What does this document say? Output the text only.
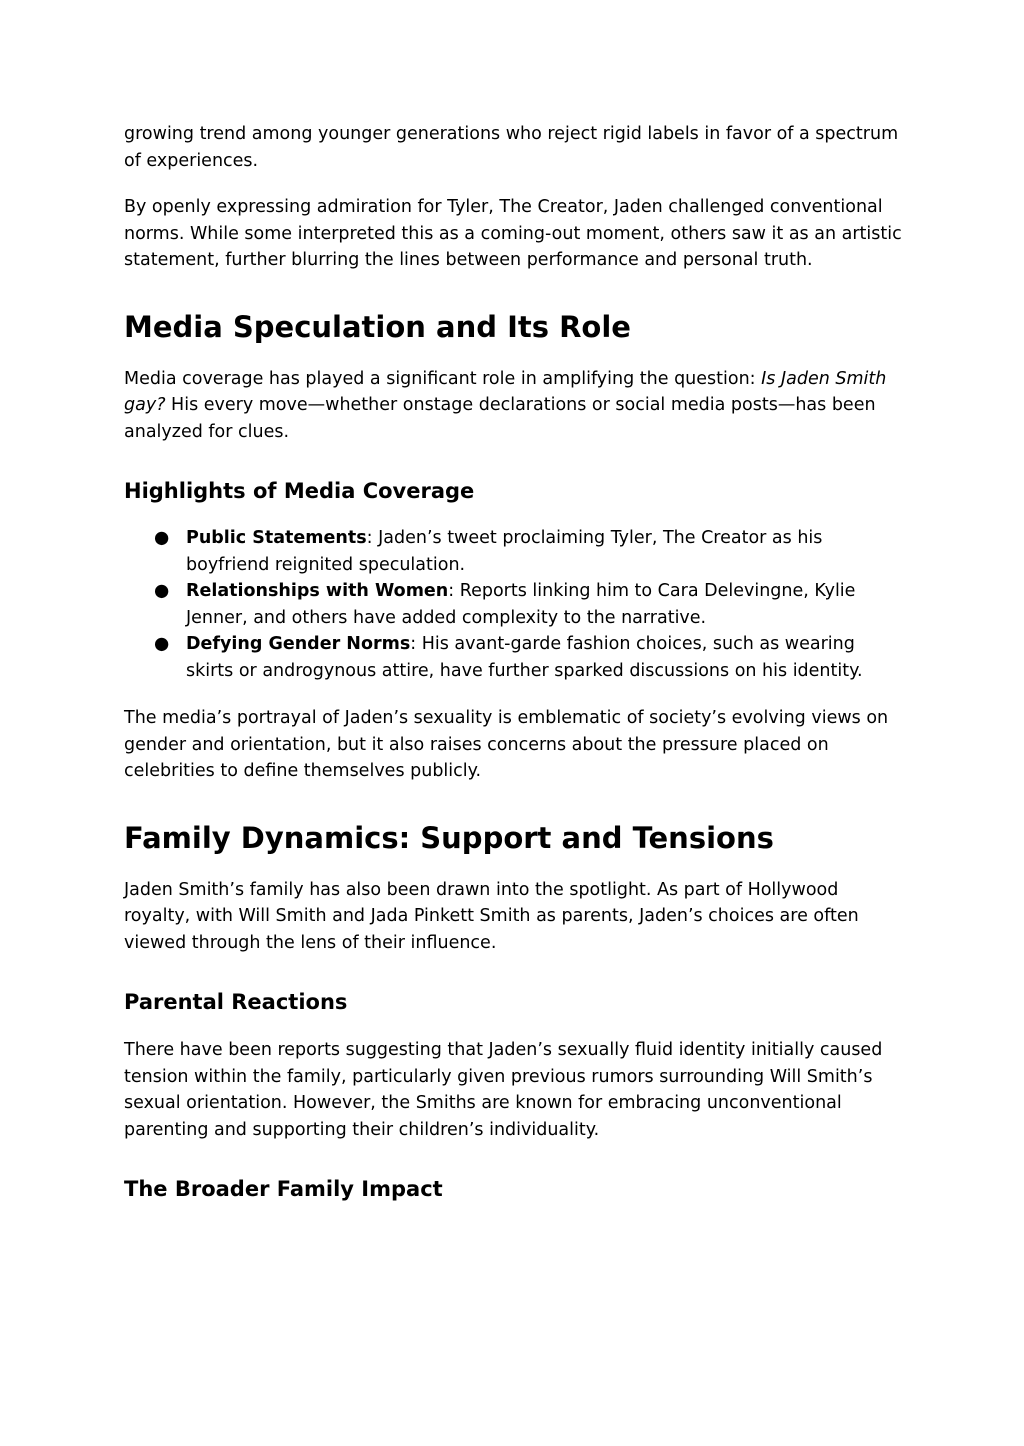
growing trend among younger generations who reject rigid labels in favor of a spectrum of experiences.

By openly expressing admiration for Tyler, The Creator, Jaden challenged conventional norms. While some interpreted this as a coming-out moment, others saw it as an artistic statement, further blurring the lines between performance and personal truth.

Media Speculation and Its Role

Media coverage has played a significant role in amplifying the question: Is Jaden Smith gay? His every move—whether onstage declarations or social media posts—has been analyzed for clues.

Highlights of Media Coverage
● Public Statements: Jaden’s tweet proclaiming Tyler, The Creator as his boyfriend reignited speculation.
● Relationships with Women: Reports linking him to Cara Delevingne, Kylie Jenner, and others have added complexity to the narrative.
● Defying Gender Norms: His avant-garde fashion choices, such as wearing skirts or androgynous attire, have further sparked discussions on his identity.

The media’s portrayal of Jaden’s sexuality is emblematic of society’s evolving views on gender and orientation, but it also raises concerns about the pressure placed on celebrities to define themselves publicly.

Family Dynamics: Support and Tensions

Jaden Smith’s family has also been drawn into the spotlight. As part of Hollywood royalty, with Will Smith and Jada Pinkett Smith as parents, Jaden’s choices are often viewed through the lens of their influence.

Parental Reactions

There have been reports suggesting that Jaden’s sexually fluid identity initially caused tension within the family, particularly given previous rumors surrounding Will Smith’s sexual orientation. However, the Smiths are known for embracing unconventional parenting and supporting their children’s individuality.

The Broader Family Impact
